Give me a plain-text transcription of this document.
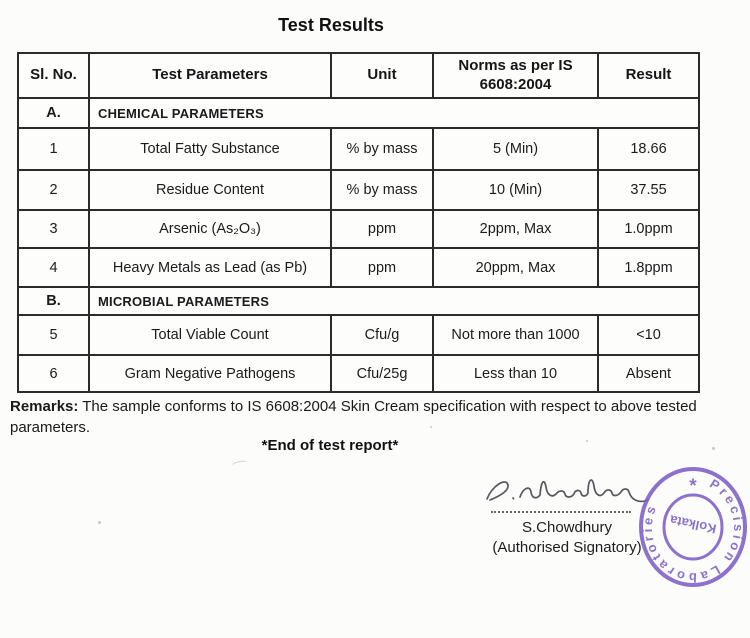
Test Results
Sl. No.	Test Parameters	Unit	Norms as per IS 6608:2004	Result
A.	CHEMICAL PARAMETERS			
1	Total Fatty Substance	% by mass	5 (Min)	18.66
2	Residue Content	% by mass	10 (Min)	37.55
3	Arsenic (As₂O₃)	ppm	2ppm, Max	1.0ppm
4	Heavy Metals as Lead (as Pb)	ppm	20ppm, Max	1.8ppm
B.	MICROBIAL PARAMETERS			
5	Total Viable Count	Cfu/g	Not more than 1000	<10
6	Gram Negative Pathogens	Cfu/25g	Less than 10	Absent
Remarks: The sample conforms to IS 6608:2004 Skin Cream specification with respect to above tested parameters.
*End of test report*
S.Chowdhury
(Authorised Signatory)
Precision Laboratories
*
Kolkata
